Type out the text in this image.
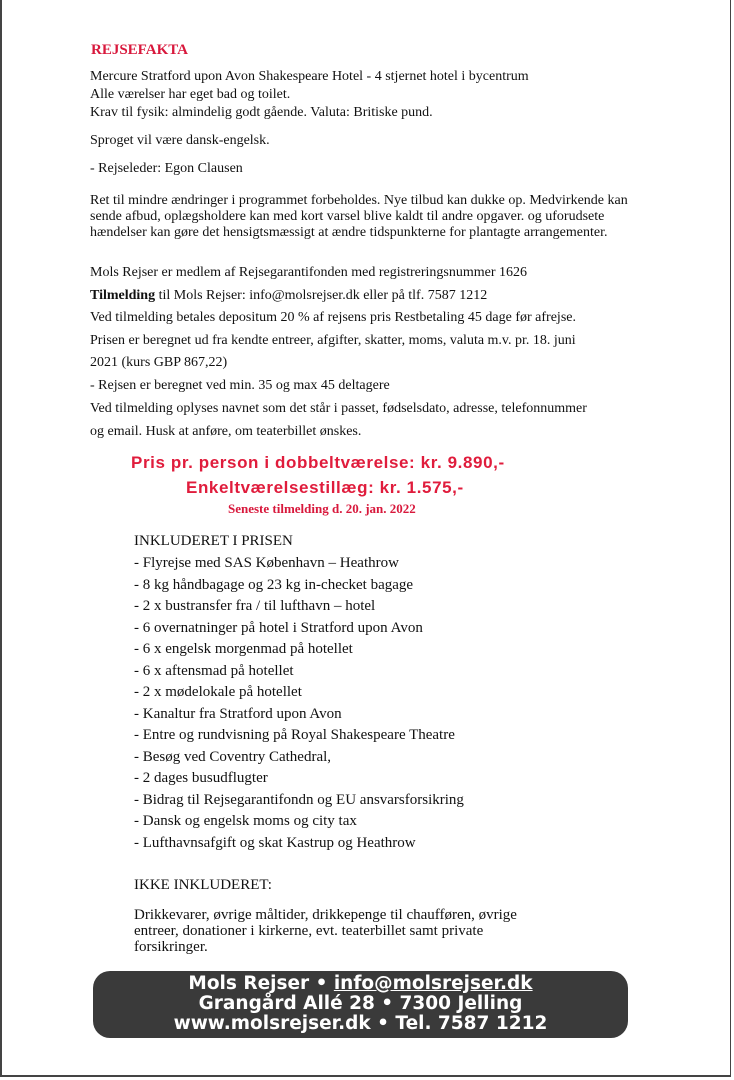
REJSEFAKTA
Mercure Stratford upon Avon Shakespeare Hotel - 4 stjernet hotel i bycentrum
Alle værelser har eget bad og toilet.
Krav til fysik: almindelig godt gående. Valuta: Britiske pund.
Sproget vil være dansk-engelsk.
- Rejseleder: Egon Clausen
Ret til mindre ændringer i programmet forbeholdes. Nye tilbud kan dukke op. Medvirkende kan sende afbud, oplægsholdere kan med kort varsel blive kaldt til andre opgaver. og uforudsete hændelser kan gøre det hensigtsmæssigt at ændre tidspunkterne for plantagte arrangementer.
Mols Rejser er medlem af Rejsegarantifonden med registreringsnummer 1626
Tilmelding til Mols Rejser: info@molsrejser.dk eller på tlf. 7587 1212
Ved tilmelding betales depositum 20 % af rejsens pris Restbetaling 45 dage før afrejse.
Prisen er beregnet ud fra kendte entreer, afgifter, skatter, moms, valuta m.v. pr. 18. juni
2021 (kurs GBP 867,22)
- Rejsen er beregnet ved min. 35 og max 45 deltagere
Ved tilmelding oplyses navnet som det står i passet, fødselsdato, adresse, telefonnummer
og email. Husk at anføre, om teaterbillet ønskes.
Pris pr. person i dobbeltværelse: kr. 9.890,-
Enkeltværelsestillæg: kr. 1.575,-
Seneste tilmelding d. 20. jan. 2022
INKLUDERET I PRISEN
- Flyrejse med SAS København – Heathrow
- 8 kg håndbagage og 23 kg in-checket bagage
- 2 x bustransfer fra / til lufthavn – hotel
- 6 overnatninger på hotel i Stratford upon Avon
- 6 x engelsk morgenmad på hotellet
- 6 x aftensmad på hotellet
- 2 x mødelokale på hotellet
- Kanaltur fra Stratford upon Avon
- Entre og rundvisning på Royal Shakespeare Theatre
- Besøg ved Coventry Cathedral,
- 2 dages busudflugter
- Bidrag til Rejsegarantifondn og EU ansvarsforsikring
- Dansk og engelsk moms og city tax
- Lufthavnsafgift og skat Kastrup og Heathrow
IKKE INKLUDERET:
Drikkevarer, øvrige måltider, drikkepenge til chaufføren, øvrige entreer, donationer i kirkerne, evt. teaterbillet samt private forsikringer.
Mols Rejser • info@molsrejser.dk
Grangård Allé 28 • 7300 Jelling
www.molsrejser.dk • Tel. 7587 1212
